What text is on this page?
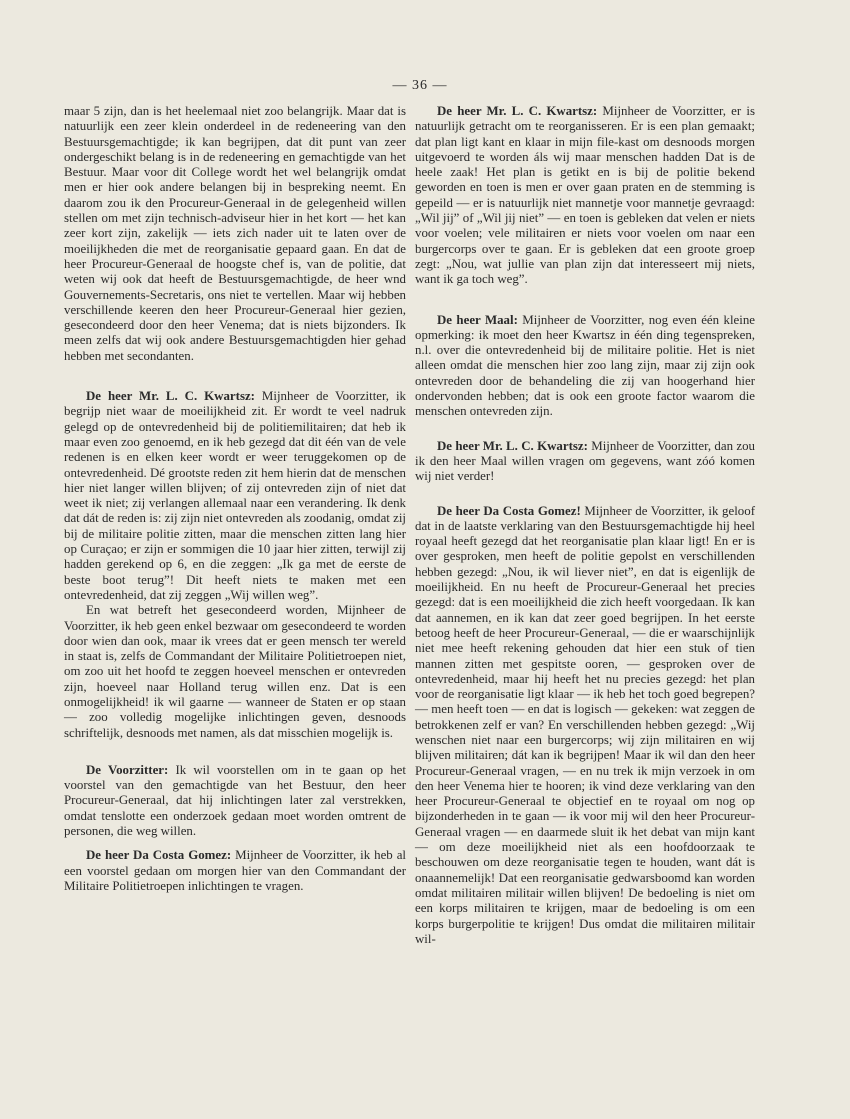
— 36 —

maar 5 zijn, dan is het heelemaal niet zoo belangrijk. Maar dat is natuurlijk een zeer klein onderdeel in de redeneering van den Bestuursgemachtigde; ik kan begrijpen, dat dit punt van zeer ondergeschikt belang is in de redeneering en gemachtigde van het Bestuur. Maar voor dit College wordt het wel belangrijk omdat men er hier ook andere belangen bij in bespreking neemt. En daarom zou ik den Procureur-Generaal in de gelegenheid willen stellen om met zijn technisch-adviseur hier in het kort — het kan zeer kort zijn, zakelijk — iets zich nader uit te laten over de moeilijkheden die met de reorganisatie gepaard gaan. En dat de heer Procureur-Generaal de hoogste chef is, van de politie, dat weten wij ook dat heeft de Bestuursgemachtigde, de heer wnd Gouvernements-Secretaris, ons niet te vertellen. Maar wij hebben verschillende keeren den heer Procureur-Generaal hier gezien, gesecondeerd door den heer Venema; dat is niets bijzonders. Ik meen zelfs dat wij ook andere Bestuursgemachtigden hier gehad hebben met secondanten.

De heer Mr. L. C. Kwartsz: Mijnheer de Voorzitter, ik begrijp niet waar de moeilijkheid zit. Er wordt te veel nadruk gelegd op de ontevredenheid bij de politiemilitairen; dat heb ik maar even zoo genoemd, en ik heb gezegd dat dit één van de vele redenen is en elken keer wordt er weer teruggekomen op de ontevredenheid. Dé grootste reden zit hem hierin dat de menschen hier niet langer willen blijven; of zij ontevreden zijn of niet dat weet ik niet; zij verlangen allemaal naar een verandering. Ik denk dat dát de reden is: zij zijn niet ontevreden als zoodanig, omdat zij bij de militaire politie zitten, maar die menschen zitten lang hier op Curaçao; er zijn er sommigen die 10 jaar hier zitten, terwijl zij hadden gerekend op 6, en die zeggen: „Ik ga met de eerste de beste boot terug”! Dit heeft niets te maken met een ontevredenheid, dat zij zeggen „Wij willen weg”.

En wat betreft het gesecondeerd worden, Mijnheer de Voorzitter, ik heb geen enkel bezwaar om gesecondeerd te worden door wien dan ook, maar ik vrees dat er geen mensch ter wereld in staat is, zelfs de Commandant der Militaire Politietroepen niet, om zoo uit het hoofd te zeggen hoeveel menschen er ontevreden zijn, hoeveel naar Holland terug willen enz. Dat is een onmogelijkheid! ik wil gaarne — wanneer de Staten er op staan — zoo volledig mogelijke inlichtingen geven, desnoods schriftelijk, desnoods met namen, als dat misschien mogelijk is.

De Voorzitter: Ik wil voorstellen om in te gaan op het voorstel van den gemachtigde van het Bestuur, den heer Procureur-Generaal, dat hij inlichtingen later zal verstrekken, omdat tenslotte een onderzoek gedaan moet worden omtrent de personen, die weg willen.

De heer Da Costa Gomez: Mijnheer de Voorzitter, ik heb al een voorstel gedaan om morgen hier van den Commandant der Militaire Politietroepen inlichtingen te vragen.

De heer Mr. L. C. Kwartsz: Mijnheer de Voorzitter, er is natuurlijk getracht om te reorganisseren. Er is een plan gemaakt; dat plan ligt kant en klaar in mijn file-kast om desnoods morgen uitgevoerd te worden áls wij maar menschen hadden Dat is de heele zaak! Het plan is getikt en is bij de politie bekend geworden en toen is men er over gaan praten en de stemming is gepeild — er is natuurlijk niet mannetje voor mannetje gevraagd: „Wil jij” of „Wil jij niet” — en toen is gebleken dat velen er niets voor voelen; vele militairen er niets voor voelen om naar een burgercorps over te gaan. Er is gebleken dat een groote groep zegt: „Nou, wat jullie van plan zijn dat interesseert mij niets, want ik ga toch weg”.

De heer Maal: Mijnheer de Voorzitter, nog even één kleine opmerking: ik moet den heer Kwartsz in één ding tegenspreken, n.l. over die ontevredenheid bij de militaire politie. Het is niet alleen omdat die menschen hier zoo lang zijn, maar zij zijn ook ontevreden door de behandeling die zij van hoogerhand hier ondervonden hebben; dat is ook een groote factor waarom die menschen ontevreden zijn.

De heer Mr. L. C. Kwartsz: Mijnheer de Voorzitter, dan zou ik den heer Maal willen vragen om gegevens, want zóó komen wij niet verder!

De heer Da Costa Gomez! Mijnheer de Voorzitter, ik geloof dat in de laatste verklaring van den Bestuursgemachtigde hij heel royaal heeft gezegd dat het reorganisatie plan klaar ligt! En er is over gesproken, men heeft de politie gepolst en verschillenden hebben gezegd: „Nou, ik wil liever niet”, en dat is eigenlijk de moeilijkheid. En nu heeft de Procureur-Generaal het precies gezegd: dat is een moeilijkheid die zich heeft voorgedaan. Ik kan dat aannemen, en ik kan dat zeer goed begrijpen. In het eerste betoog heeft de heer Procureur-Generaal, — die er waarschijnlijk niet mee heeft rekening gehouden dat hier een stuk of tien mannen zitten met gespitste ooren, — gesproken over de ontevredenheid, maar hij heeft het nu precies gezegd: het plan voor de reorganisatie ligt klaar — ik heb het toch goed begrepen? — men heeft toen — en dat is logisch — gekeken: wat zeggen de betrokkenen zelf er van? En verschillenden hebben gezegd: „Wij wenschen niet naar een burgercorps; wij zijn militairen en wij blijven militairen; dát kan ik begrijpen! Maar ik wil dan den heer Procureur-Generaal vragen, — en nu trek ik mijn verzoek in om den heer Venema hier te hooren; ik vind deze verklaring van den heer Procureur-Generaal te objectief en te royaal om nog op bijzonderheden in te gaan — ik voor mij wil den heer Procureur-Generaal vragen — en daarmede sluit ik het debat van mijn kant — om deze moeilijkheid niet als een hoofdoorzaak te beschouwen om deze reorganisatie tegen te houden, want dát is onaannemelijk! Dat een reorganisatie gedwarsboomd kan worden omdat militairen militair willen blijven! De bedoeling is niet om een korps militairen te krijgen, maar de bedoeling is om een korps burgerpolitie te krijgen! Dus omdat die militairen militair wil-
